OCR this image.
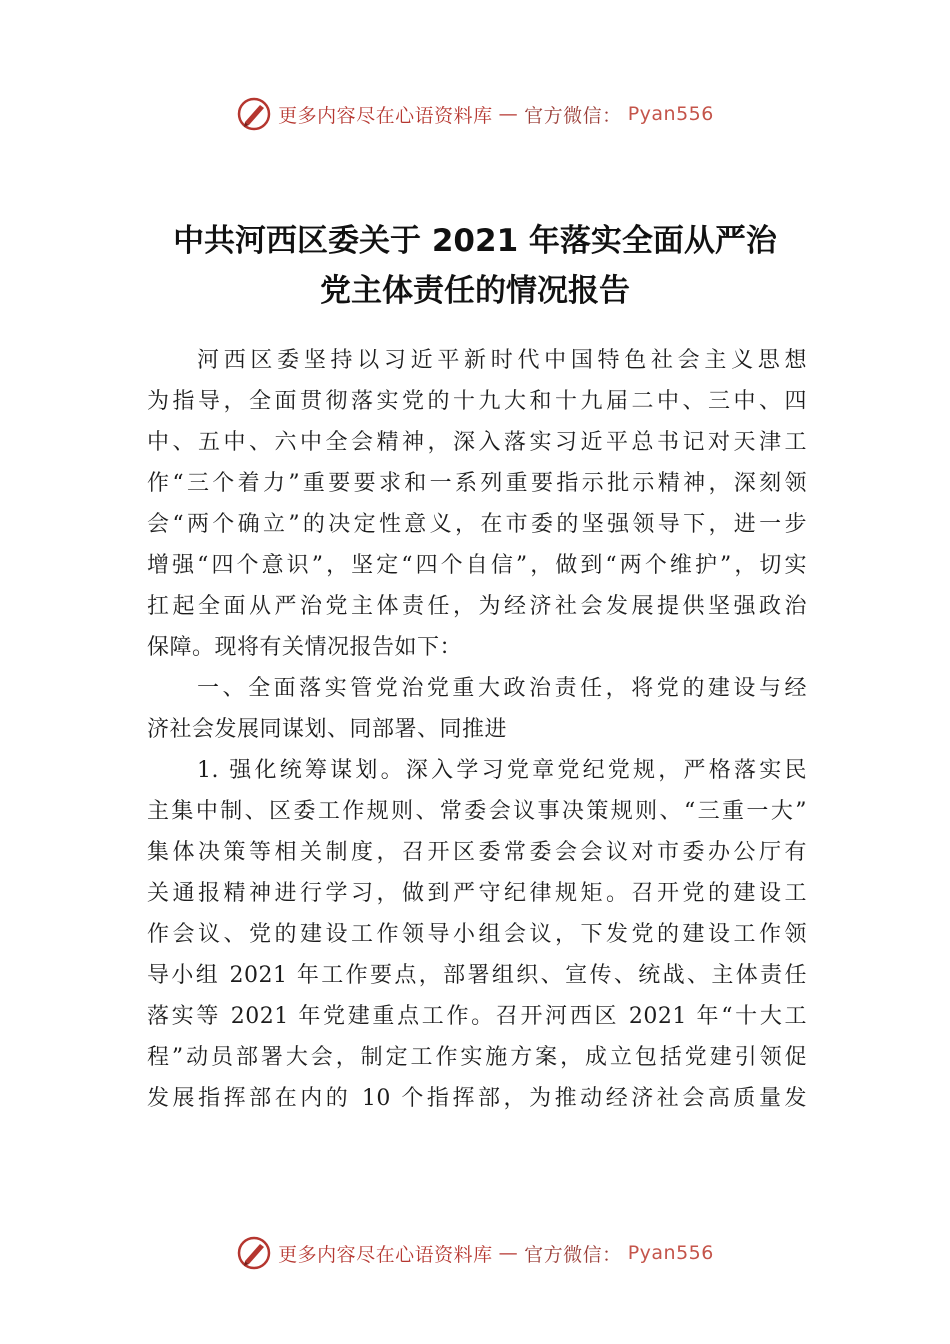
更多内容尽在心语资料库 — 官方微信： Pyan556
中共河西区委关于 2021 年落实全面从严治
党主体责任的情况报告
河西区委坚持以习近平新时代中国特色社会主义思想
为指导，全面贯彻落实党的十九大和十九届二中、三中、四
中、五中、六中全会精神，深入落实习近平总书记对天津工
作“三个着力”重要要求和一系列重要指示批示精神，深刻领
会“两个确立”的决定性意义，在市委的坚强领导下，进一步
增强“四个意识”，坚定“四个自信”，做到“两个维护”，切实
扛起全面从严治党主体责任，为经济社会发展提供坚强政治
保障。现将有关情况报告如下：
一、全面落实管党治党重大政治责任，将党的建设与经
济社会发展同谋划、同部署、同推进
1. 强化统筹谋划。深入学习党章党纪党规，严格落实民
主集中制、区委工作规则、常委会议事决策规则、“三重一大”
集体决策等相关制度，召开区委常委会会议对市委办公厅有
关通报精神进行学习，做到严守纪律规矩。召开党的建设工
作会议、党的建设工作领导小组会议，下发党的建设工作领
导小组 2021 年工作要点，部署组织、宣传、统战、主体责任
落实等 2021 年党建重点工作。召开河西区 2021 年“十大工
程”动员部署大会，制定工作实施方案，成立包括党建引领促
发展指挥部在内的 10 个指挥部，为推动经济社会高质量发
更多内容尽在心语资料库 — 官方微信： Pyan556
